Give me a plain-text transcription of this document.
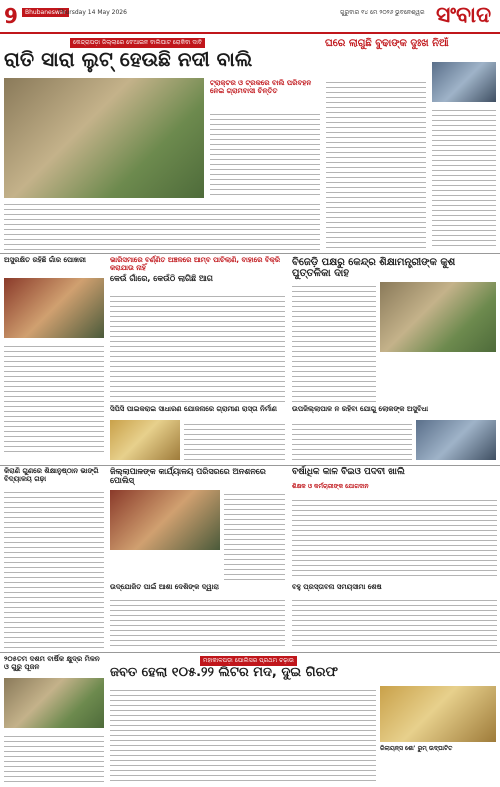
9	Bhubaneswar
Thursday 14 May 2026	ଗୁରୁବାର ୧୪ ମେ ୨୦୨୬ ଭୁବନେଶ୍ୱର ସଂବାଦ
କେନ୍ଦ୍ରାପଡ଼ା ଜିଲ୍ଲାରେ ବେଆଇନ ବାଲିଘାଟ ରୋକିବା ଦାବି
ରାତି ସାରା ଲୁଟ୍ ହେଉଛି ନଦୀ ବାଲି
ଟ୍ରାକ୍ଟର ଓ ଟ୍ରକରେ ବାଲି ପରିବହନ ନେଇ ଗ୍ରାମବାସୀ ଚିନ୍ତିତ
ଘରେ ଲାଗୁଛି ବୁଢାଙ୍କ ଦୁଃଖ ନିଆଁ
ଅସୁରକ୍ଷିତ ରହିଛି ଗାଁର ପୋଖରୀ	ଭାରିସମାରେ ବର୍ଣ୍ଣିତ ଅଞ୍ଚଳରେ ଆମ୍ବ ପାଚିଲାଣି, ବାହାରେ ବିକ୍ରି କରାଯାଉ ନାହିଁ
କେଉଁ ଗାଁରେ, କେଉଁଠି ଲାଗିଛି ଆଗ
ବିଜେଡ଼ି ପକ୍ଷରୁ କେନ୍ଦ୍ର ଶିକ୍ଷାମନ୍ତ୍ରୀଙ୍କ କୁଶ ପୁତ୍ତଳିକା ଦାହ
ସିପିସି ପାଇକରାଇ ସାଧାରଣ ଯୋଜନାରେ ଗ୍ରାମୀଣ ରାସ୍ତା ନିର୍ମାଣ	ଉପଜିଲ୍ଲାପାଳ ନ ରହିବା ଯୋଗୁ ଲୋକଙ୍କ ଅସୁବିଧା
କିରାଣି ଗୁଣରେ ଶିକ୍ଷାନୁଷ୍ଠାନ ଭାଙ୍ଗି ବିଦ୍ୟାଳୟ ଗଢ଼ା
ଜିଲ୍ଲାପାଳଙ୍କ କାର୍ଯ୍ୟାଳୟ ପରିସରରେ ଅନଶନରେ ପୋଲିସ୍
ବର୍ଷାଧିକ କାଳ ବିଇଓ ପଦବୀ ଖାଲି
ଶିକ୍ଷକ ଓ କର୍ମଚାରୀଙ୍କ ଯୋଗଦାନ
ଉଦ୍‌ଯୋଜିତ ପାଇଁ ଆଶା ଦେଶିଙ୍କ ଦ୍ୱାରା	ବହୁ ପ୍ରସ୍ତାବନା ସମୟସୀମା ଶେଷ
ମହାକାଳପଡ଼ା ପୋଲିସର ପ୍ରଥମ ଚଢ଼ାଉ
ଜବତ ହେଲା ୧୦୫.୨୨ ଲିଟର ମଦ, ଦୁଇ ଗିରଫ
୨୦୫ତମ ଦଶମ ବାର୍ଷିକ କ୍ଷୁଦ୍ର ମିଳନ ଓ ଗୁରୁ ପୂଜନ
ରିଲାୟନ୍ସ ଶୋ' ରୁମ୍ ଉଦ୍‌ଘାଟିତ
